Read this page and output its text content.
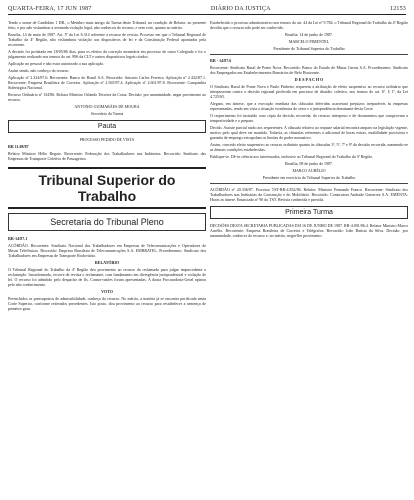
QUARTA-FEIRA, 17 JUN 1987	DIÁRIO DA JUSTIÇA	12153

Tendo o nome de Candidato 1 DR., o Membro mais antigo da Turma deste Tribunal, na condição de Relator, ao presente feito, e por não vislumbrar a aventada violação legal, não conheceu do recurso, e sem voto, quanto ao mérito.

Brasília, 14 de maio de 1987. Art. 5º da Lei 6.314 referente a recurso de revista. Processo em que o Tribunal Regional de Trabalho da 4ª Região, não vislumbrou violação aos dispositivos de lei e da Constituição Federal apontados pela recorrente.

A decisão foi prolatada em 18/05/86 dias, para os efeitos da correção monetária em processo de outro Colegiado e foi o julgamento realizado nos termos do art. 896 da CLT e outros dispositivos legais citados.

Aplicação no pessoal e não estar autorizado a sua aplicação.

Assim sendo, não conheço do recurso.

Aplicação nº 2.334/87.6. Recorrente: Banco do Brasil S.A. Recorrido: Antonio Carlos Ferreira. Aplicação nº 2.432/87.1. Recorrente: Empresa Brasileira de Correios. Aplicação nº 2.565/87.4. Aplicação nº 2.601/87.8. Recorrente: Companhia Siderúrgica Nacional.

Recurso Ordinário nº 134/86. Relator Ministro Orlando Teixeira da Costa. Decisão: por unanimidade, negar provimento ao recurso.

ANTONIO GUIMARÃES DE MOURA
Secretário da Turma
Pauta
PROCESSO PEDIDO DE VISTA
RR 11.08/87

Relator Ministro Hélio Regato. Recorrente: Federação dos Trabalhadores nas Indústrias. Recorrido: Sindicato das Empresas de Transporte Coletivo de Passageiros.

Tribunal Superior do Trabalho
Secretaria do Tribunal Pleno
RR-14/87.1

ACÓRDÃO. Recorrente: Sindicato Nacional dos Trabalhadores em Empresas de Telecomunicações e Operadores de Mesas Telefônicas. Recorrido: Empresa Brasileira de Telecomunicações S.A. EMBRATEL. Procedimento: Sindicato dos Trabalhadores em Empresas de Transporte Rodoviário.

RELATÓRIO

O Tribunal Regional do Trabalho da 4ª Região deu provimento ao recurso da reclamada para julgar improcedente a reclamação. Inconformado, recorre de revista o reclamante, com fundamento em divergência jurisprudencial e violação de lei. O recurso foi admitido pelo despacho de fls. Contra-razões foram apresentadas. A douta Procuradoria-Geral opinou pelo não conhecimento.

VOTO

Preenchidos os pressupostos de admissibilidade, conheço do recurso. No mérito, a matéria já se encontra pacificada nesta Corte Superior, conforme reiterados precedentes. Isto posto, dou provimento ao recurso para restabelecer a sentença de primeiro grau.

Estabelecido o processo administrativo nos termos do art. 44 da Lei nº 9.784, o Tribunal Regional do Trabalho da 4ª Região decidiu que o recurso não pode ser conhecido.

Brasília, 14 de junho de 1987.
MARCELO PIMENTEL
Presidente do Tribunal Superior do Trabalho
RR - 14/87.6

Recorrente: Sindicato Rural de Ponte Nova. Recorrido: Banco do Estado de Minas Gerais S.A. Procedimento: Sindicato dos Empregados em Estabelecimentos Bancários de Belo Horizonte.

D E S P A C H O

O Sindicato Rural de Ponte Nova e Paulo Pinheiro requerem a atribuição de efeito suspensivo ao recurso ordinário que interpuseram contra a decisão regional proferida em processo de dissídio coletivo, nos termos do art. 6º, § 1º, da Lei 4.725/65.

Alegam, em síntese, que a execução imediata das cláusulas deferidas acarretará prejuízos irreparáveis às empresas representadas, tendo em vista a situação econômica do setor e a jurisprudência dominante desta Corte.

O requerimento foi instruído com cópia da decisão recorrida, do recurso interposto e de documentos que comprovam a tempestividade e o preparo.

Decido. Assiste parcial razão aos requerentes. A cláusula relativa ao reajuste salarial encontra amparo na legislação vigente, motivo pelo qual deve ser mantida. Todavia, as cláusulas referentes a adicional de horas extras, estabilidade provisória e garantia de emprego extrapolam os limites do poder normativo.

Assim, concedo efeito suspensivo ao recurso ordinário quanto às cláusulas 3ª, 5ª, 7ª e 9ª da decisão recorrida, mantendo-se as demais condições estabelecidas.

Publique-se. Dê-se ciência aos interessados, inclusive ao Tribunal Regional do Trabalho da 3ª Região.

Brasília, 08 de junho de 1987.
MARCO AURÉLIO
Presidente em exercício do Tribunal Superior do Trabalho

ACÓRDÃO nº 20.336/87. Processo TST-RR-4.832/86. Relator: Ministro Fernando Franco. Recorrente: Sindicato dos Trabalhadores nas Indústrias da Construção e do Mobiliário. Recorrido: Construtora Andrade Gutierrez S.A. EMENTA: Horas in itinere. Enunciado nº 90 do TST. Revista conhecida e provida.

Primeira Turma

DECISÕES DESTA SECRETARIA PUBLICADAS EM 16 DE JUNHO DE 1987. RR-4.001/86.4. Relator Ministro Marco Aurélio. Recorrente: Empresa Brasileira de Correios e Telégrafos. Recorrido: João Batista da Silva. Decisão: por unanimidade, conhecer do recurso e, no mérito, negar-lhe provimento.
